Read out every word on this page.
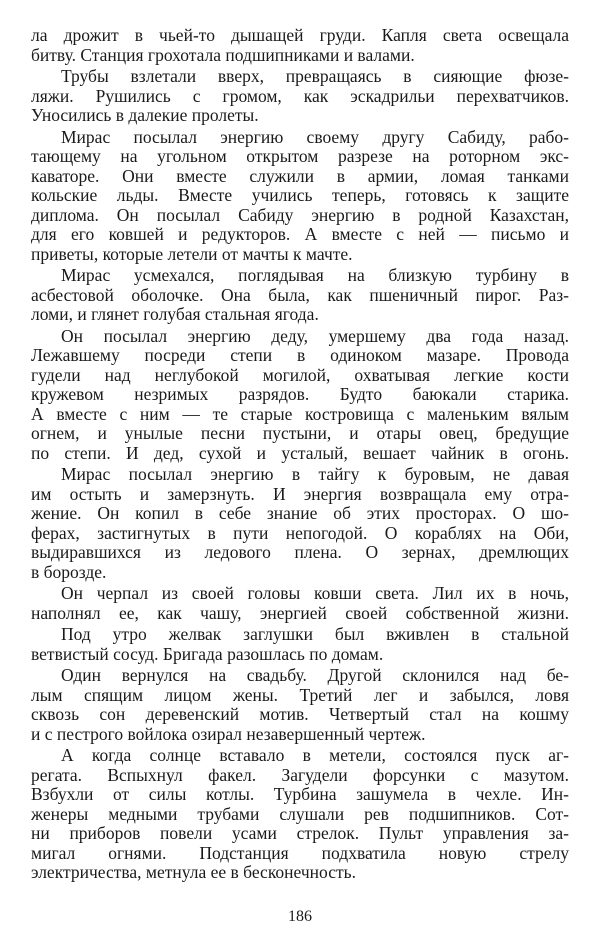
ла дрожит в чьей-то дышащей груди. Капля света освещала
битву. Станция грохотала подшипниками и валами.
Трубы взлетали вверх, превращаясь в сияющие фюзе-
ляжи. Рушились с громом, как эскадрильи перехватчиков.
Уносились в далекие пролеты.
Мирас посылал энергию своему другу Сабиду, рабо-
тающему на угольном открытом разрезе на роторном экс-
каваторе. Они вместе служили в армии, ломая танками
кольские льды. Вместе учились теперь, готовясь к защите
диплома. Он посылал Сабиду энергию в родной Казахстан,
для его ковшей и редукторов. А вместе с ней — письмо и
приветы, которые летели от мачты к мачте.
Мирас усмехался, поглядывая на близкую турбину в
асбестовой оболочке. Она была, как пшеничный пирог. Раз-
ломи, и глянет голубая стальная ягода.
Он посылал энергию деду, умершему два года назад.
Лежавшему посреди степи в одиноком мазаре. Провода
гудели над неглубокой могилой, охватывая легкие кости
кружевом незримых разрядов. Будто баюкали старика.
А вместе с ним — те старые костровища с маленьким вялым
огнем, и унылые песни пустыни, и отары овец, бредущие
по степи. И дед, сухой и усталый, вешает чайник в огонь.
Мирас посылал энергию в тайгу к буровым, не давая
им остыть и замерзнуть. И энергия возвращала ему отра-
жение. Он копил в себе знание об этих просторах. О шо-
ферах, застигнутых в пути непогодой. О кораблях на Оби,
выдиравшихся из ледового плена. О зернах, дремлющих
в борозде.
Он черпал из своей головы ковши света. Лил их в ночь,
наполнял ее, как чашу, энергией своей собственной жизни.
Под утро желвак заглушки был вживлен в стальной
ветвистый сосуд. Бригада разошлась по домам.
Один вернулся на свадьбу. Другой склонился над бе-
лым спящим лицом жены. Третий лег и забылся, ловя
сквозь сон деревенский мотив. Четвертый стал на кошму
и с пестрого войлока озирал незавершенный чертеж.
А когда солнце вставало в метели, состоялся пуск аг-
регата. Вспыхнул факел. Загудели форсунки с мазутом.
Взбухли от силы котлы. Турбина зашумела в чехле. Ин-
женеры медными трубами слушали рев подшипников. Сот-
ни приборов повели усами стрелок. Пульт управления за-
мигал огнями. Подстанция подхватила новую стрелу
электричества, метнула ее в бесконечность.
186
